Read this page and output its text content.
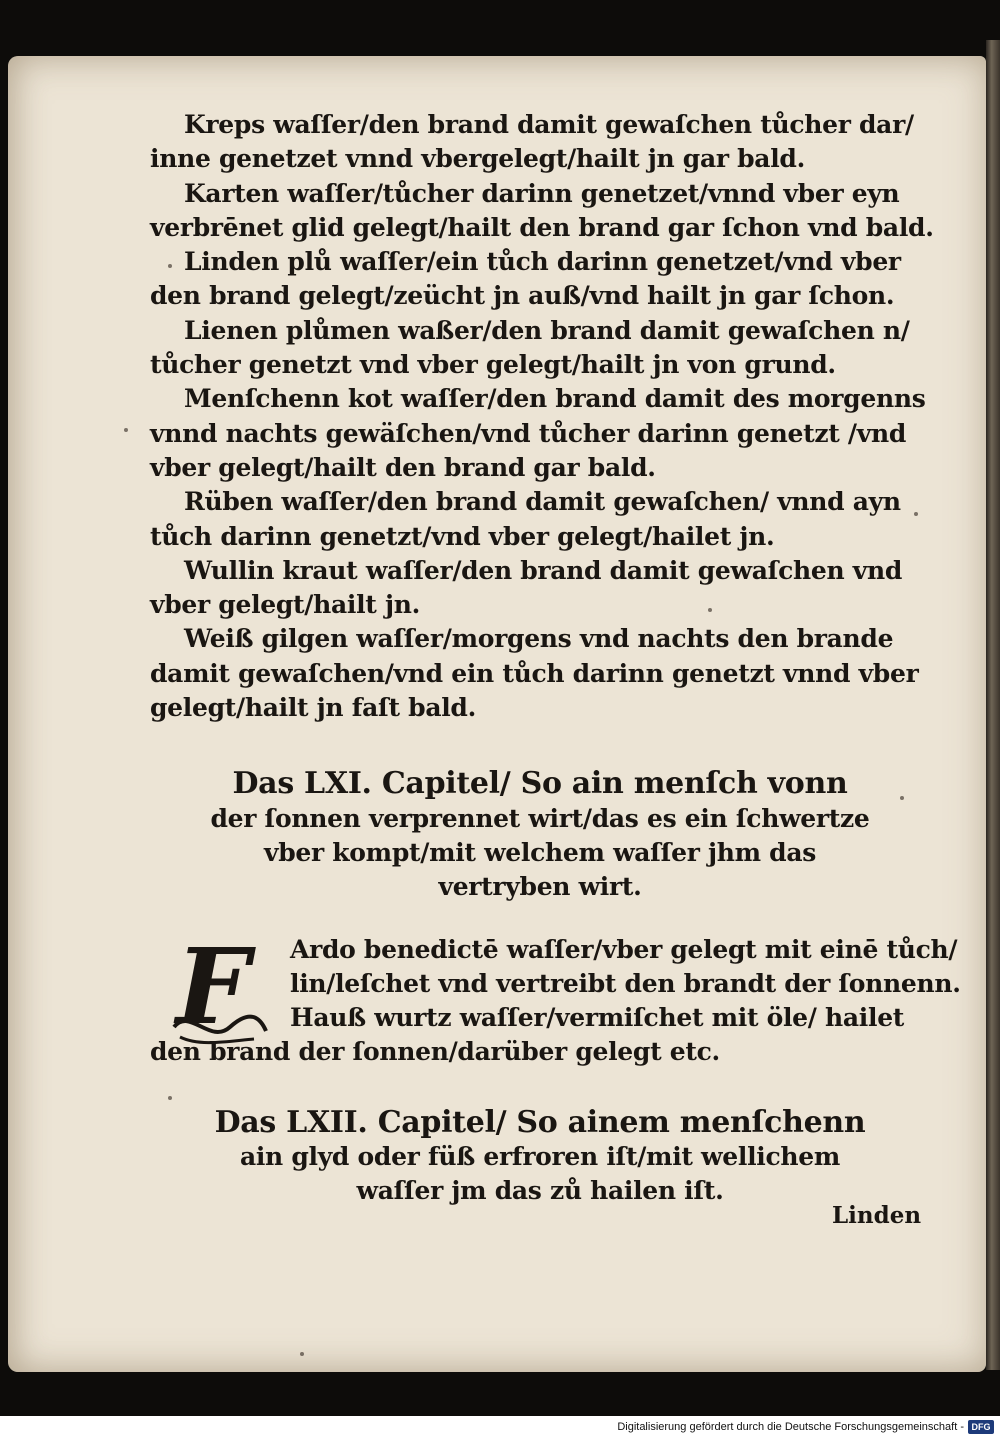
Kreps waſſer/den brand damit gewaſchen tůcher dar/
inne genetzet vnnd vbergelegt/hailt jn gar bald.

Karten waſſer/tůcher darinn genetzet/vnnd vber eyn
verbrēnet glid gelegt/hailt den brand gar ſchon vnd bald.

Linden plů waſſer/ein tůch darinn genetzet/vnd vber
den brand gelegt/zeücht jn auß/vnd hailt jn gar ſchon.

Lienen plůmen waßer/den brand damit gewaſchen n/
tůcher genetzt vnd vber gelegt/hailt jn von grund.

Menſchenn kot waſſer/den brand damit des morgenns
vnnd nachts gewäſchen/vnd tůcher darinn genetzt /vnd
vber gelegt/hailt den brand gar bald.

Rüben waſſer/den brand damit gewaſchen/ vnnd ayn
tůch darinn genetzt/vnd vber gelegt/hailet jn.

Wullin kraut waſſer/den brand damit gewaſchen vnd
vber gelegt/hailt jn.

Weiß gilgen waſſer/morgens vnd nachts den brande
damit gewaſchen/vnd ein tůch darinn genetzt vnnd vber
gelegt/hailt jn faſt bald.

Das LXI. Capitel/ So ain menſch vonn
der ſonnen verprennet wirt/das es ein ſchwertze
vber kompt/mit welchem waſſer jhm das
vertryben wirt.
F	Ardo benedictē waſſer/vber gelegt mit einē tůch/
lin/leſchet vnd vertreibt den brandt der ſonnenn.
Hauß wurtz waſſer/vermiſchet mit öle/ hailet
den brand der ſonnen/darüber gelegt etc.
Das LXII. Capitel/ So ainem menſchenn
ain glyd oder füß erfroren iſt/mit wellichem
waſſer jm das zů hailen iſt.
Linden
Digitalisierung gefördert durch die Deutsche Forschungsgemeinschaft - DFG
